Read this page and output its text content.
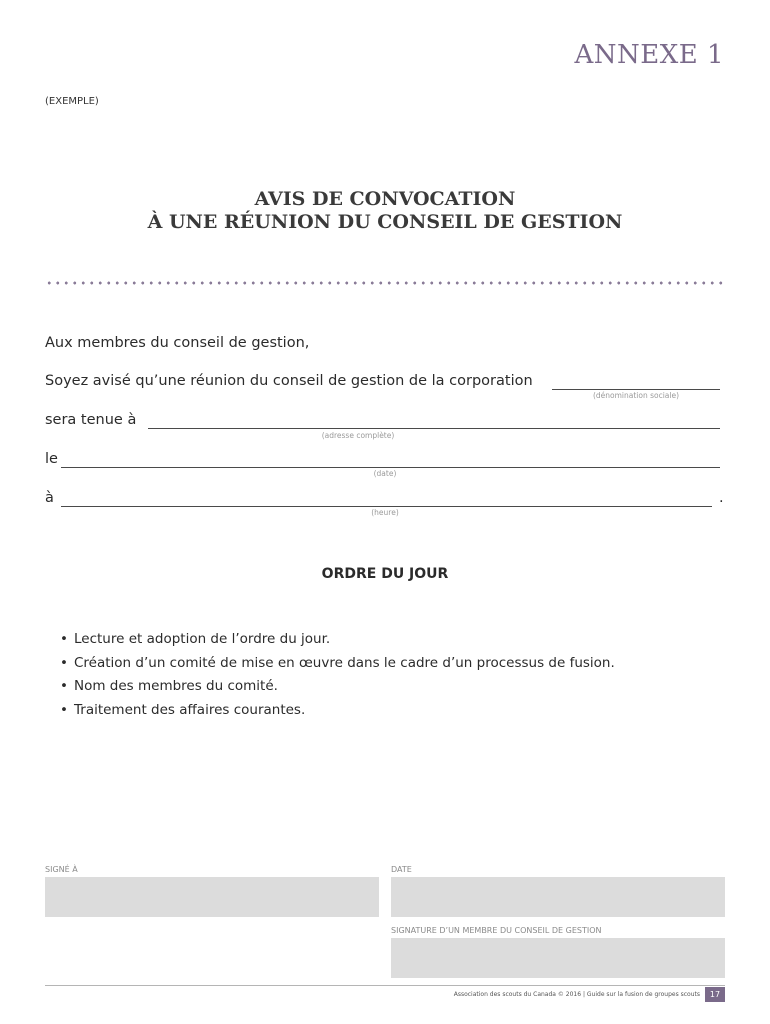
ANNEXE 1
(EXEMPLE)
AVIS DE CONVOCATION
À UNE RÉUNION DU CONSEIL DE GESTION
Aux membres du conseil de gestion,
Soyez avisé qu’une réunion du conseil de gestion de la corporation
(dénomination sociale)
sera tenue à
(adresse complète)
le
(date)
à
(heure)
.
ORDRE DU JOUR
• Lecture et adoption de l’ordre du jour.
• Création d’un comité de mise en œuvre dans le cadre d’un processus de fusion.
• Nom des membres du comité.
• Traitement des affaires courantes.
SIGNÉ À	DATE
SIGNATURE D’UN MEMBRE DU CONSEIL DE GESTION
Association des scouts du Canada © 2016 | Guide sur la fusion de groupes scouts	17
